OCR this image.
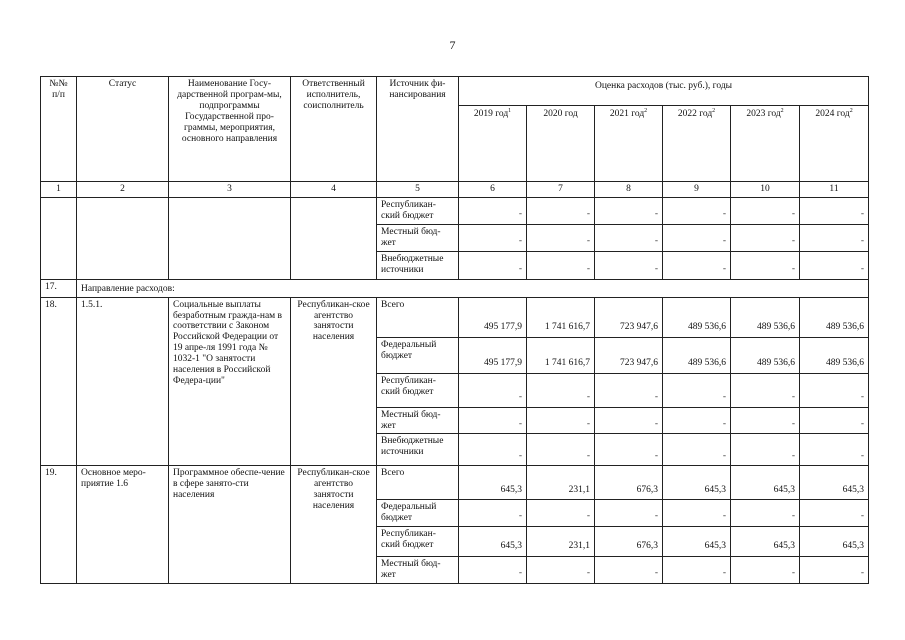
7
№№ п/п	Статус	Наименование Госу-дарственной програм-мы, подпрограммы Государственной про-граммы, мероприятия, основного направления	Ответственный исполнитель, соисполнитель	Источник фи-нансирования	Оценка расходов (тыс. руб.), годы					
					2019 год$^1$	2020 год	2021 год$^2$	2022 год$^2$	2023 год$^2$	2024 год$^2$
1	2	3	4	5	6	7	8	9	10	11
				Республикан-ский бюджет	-	-	-	-	-	-
				Местный бюд-жет	-	-	-	-	-	-
				Внебюджетные источники	-	-	-	-	-	-
17.	Направление расходов:									
18.	1.5.1.	Социальные выплаты безработным гражда-нам в соответствии с Законом Российской Федерации от 19 апре-ля 1991 года № 1032-1 "О занятости населения в Российской Федера-ции"	Республикан-ское агентство занятости населения	Всего	495 177,9	1 741 616,7	723 947,6	489 536,6	489 536,6	489 536,6
				Федеральный бюджет	495 177,9	1 741 616,7	723 947,6	489 536,6	489 536,6	489 536,6
				Республикан-ский бюджет	-	-	-	-	-	-
				Местный бюд-жет	-	-	-	-	-	-
				Внебюджетные источники	-	-	-	-	-	-
19.	Основное меро-приятие 1.6	Программное обеспе-чение в сфере занято-сти населения	Республикан-ское агентство занятости населения	Всего	645,3	231,1	676,3	645,3	645,3	645,3
				Федеральный бюджет	-	-	-	-	-	-
				Республикан-ский бюджет	645,3	231,1	676,3	645,3	645,3	645,3
				Местный бюд-жет	-	-	-	-	-	-
